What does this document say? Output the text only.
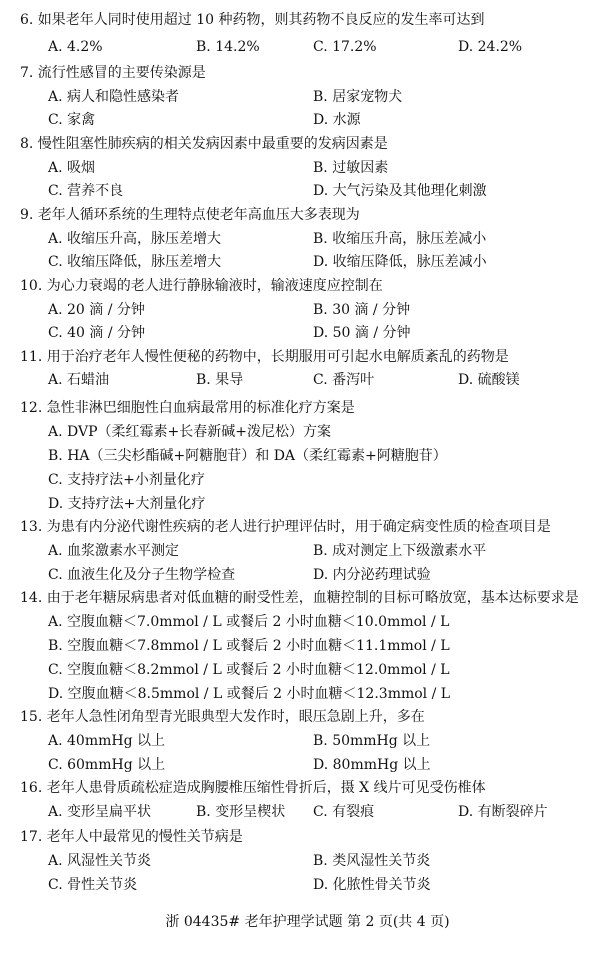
6. 如果老年人同时使用超过 10 种药物，则其药物不良反应的发生率可达到
A. 4.2%	B. 14.2%	C. 17.2%	D. 24.2%
7. 流行性感冒的主要传染源是
A. 病人和隐性感染者	B. 居家宠物犬
C. 家禽	D. 水源
8. 慢性阻塞性肺疾病的相关发病因素中最重要的发病因素是
A. 吸烟	B. 过敏因素
C. 营养不良	D. 大气污染及其他理化刺激
9. 老年人循环系统的生理特点使老年高血压大多表现为
A. 收缩压升高，脉压差增大	B. 收缩压升高，脉压差减小
C. 收缩压降低，脉压差增大	D. 收缩压降低，脉压差减小
10. 为心力衰竭的老人进行静脉输液时，输液速度应控制在
A. 20 滴 / 分钟	B. 30 滴 / 分钟
C. 40 滴 / 分钟	D. 50 滴 / 分钟
11. 用于治疗老年人慢性便秘的药物中，长期服用可引起水电解质紊乱的药物是
A. 石蜡油	B. 果导	C. 番泻叶	D. 硫酸镁
12. 急性非淋巴细胞性白血病最常用的标准化疗方案是
A. DVP（柔红霉素+长春新碱+泼尼松）方案
B. HA（三尖杉酯碱+阿糖胞苷）和 DA（柔红霉素+阿糖胞苷）
C. 支持疗法+小剂量化疗
D. 支持疗法+大剂量化疗
13. 为患有内分泌代谢性疾病的老人进行护理评估时，用于确定病变性质的检查项目是
A. 血浆激素水平测定	B. 成对测定上下级激素水平
C. 血液生化及分子生物学检查	D. 内分泌药理试验
14. 由于老年糖尿病患者对低血糖的耐受性差，血糖控制的目标可略放宽，基本达标要求是
A. 空腹血糖＜7.0mmol / L 或餐后 2 小时血糖＜10.0mmol / L
B. 空腹血糖＜7.8mmol / L 或餐后 2 小时血糖＜11.1mmol / L
C. 空腹血糖＜8.2mmol / L 或餐后 2 小时血糖＜12.0mmol / L
D. 空腹血糖＜8.5mmol / L 或餐后 2 小时血糖＜12.3mmol / L
15. 老年人急性闭角型青光眼典型大发作时，眼压急剧上升，多在
A. 40mmHg 以上	B. 50mmHg 以上
C. 60mmHg 以上	D. 80mmHg 以上
16. 老年人患骨质疏松症造成胸腰椎压缩性骨折后，摄 X 线片可见受伤椎体
A. 变形呈扁平状	B. 变形呈楔状 C. 有裂痕	D. 有断裂碎片
17. 老年人中最常见的慢性关节病是
A. 风湿性关节炎	B. 类风湿性关节炎
C. 骨性关节炎	D. 化脓性骨关节炎
浙 04435# 老年护理学试题 第 2 页(共 4 页)
